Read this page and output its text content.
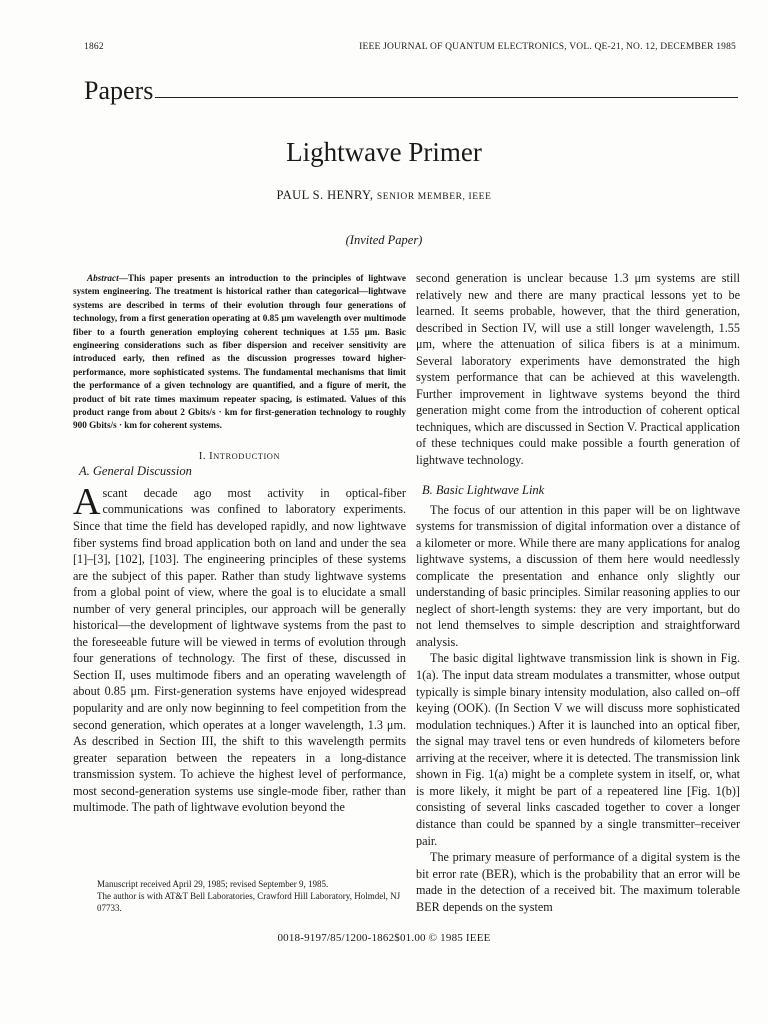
1862	IEEE JOURNAL OF QUANTUM ELECTRONICS, VOL. QE-21, NO. 12, DECEMBER 1985
Papers
Lightwave Primer
PAUL S. HENRY, SENIOR MEMBER, IEEE
(Invited Paper)

Abstract—This paper presents an introduction to the principles of lightwave system engineering. The treatment is historical rather than categorical—lightwave systems are described in terms of their evolution through four generations of technology, from a first generation operating at 0.85 μm wavelength over multimode fiber to a fourth generation employing coherent techniques at 1.55 μm. Basic engineering considerations such as fiber dispersion and receiver sensitivity are introduced early, then refined as the discussion progresses toward higher-performance, more sophisticated systems. The fundamental mechanisms that limit the performance of a given technology are quantified, and a figure of merit, the product of bit rate times maximum repeater spacing, is estimated. Values of this product range from about 2 Gbits/s · km for first-generation technology to roughly 900 Gbits/s · km for coherent systems.

I. INTRODUCTION
A. General Discussion

Ascant decade ago most activity in optical-fiber communications was confined to laboratory experiments. Since that time the field has developed rapidly, and now lightwave fiber systems find broad application both on land and under the sea [1]–[3], [102], [103]. The engineering principles of these systems are the subject of this paper. Rather than study lightwave systems from a global point of view, where the goal is to elucidate a small number of very general principles, our approach will be generally historical—the development of lightwave systems from the past to the foreseeable future will be viewed in terms of evolution through four generations of technology. The first of these, discussed in Section II, uses multimode fibers and an operating wavelength of about 0.85 μm. First-generation systems have enjoyed widespread popularity and are only now beginning to feel competition from the second generation, which operates at a longer wavelength, 1.3 μm. As described in Section III, the shift to this wavelength permits greater separation between the repeaters in a long-distance transmission system. To achieve the highest level of performance, most second-generation systems use single-mode fiber, rather than multimode. The path of lightwave evolution beyond the

Manuscript received April 29, 1985; revised September 9, 1985.

The author is with AT&T Bell Laboratories, Crawford Hill Laboratory, Holmdel, NJ 07733.

second generation is unclear because 1.3 μm systems are still relatively new and there are many practical lessons yet to be learned. It seems probable, however, that the third generation, described in Section IV, will use a still longer wavelength, 1.55 μm, where the attenuation of silica fibers is at a minimum. Several laboratory experiments have demonstrated the high system performance that can be achieved at this wavelength. Further improvement in lightwave systems beyond the third generation might come from the introduction of coherent optical techniques, which are discussed in Section V. Practical application of these techniques could make possible a fourth generation of lightwave technology.

B. Basic Lightwave Link

The focus of our attention in this paper will be on lightwave systems for transmission of digital information over a distance of a kilometer or more. While there are many applications for analog lightwave systems, a discussion of them here would needlessly complicate the presentation and enhance only slightly our understanding of basic principles. Similar reasoning applies to our neglect of short-length systems: they are very important, but do not lend themselves to simple description and straightforward analysis.

The basic digital lightwave transmission link is shown in Fig. 1(a). The input data stream modulates a transmitter, whose output typically is simple binary intensity modulation, also called on–off keying (OOK). (In Section V we will discuss more sophisticated modulation techniques.) After it is launched into an optical fiber, the signal may travel tens or even hundreds of kilometers before arriving at the receiver, where it is detected. The transmission link shown in Fig. 1(a) might be a complete system in itself, or, what is more likely, it might be part of a repeatered line [Fig. 1(b)] consisting of several links cascaded together to cover a longer distance than could be spanned by a single transmitter–receiver pair.

The primary measure of performance of a digital system is the bit error rate (BER), which is the probability that an error will be made in the detection of a received bit. The maximum tolerable BER depends on the system

0018-9197/85/1200-1862$01.00 © 1985 IEEE
